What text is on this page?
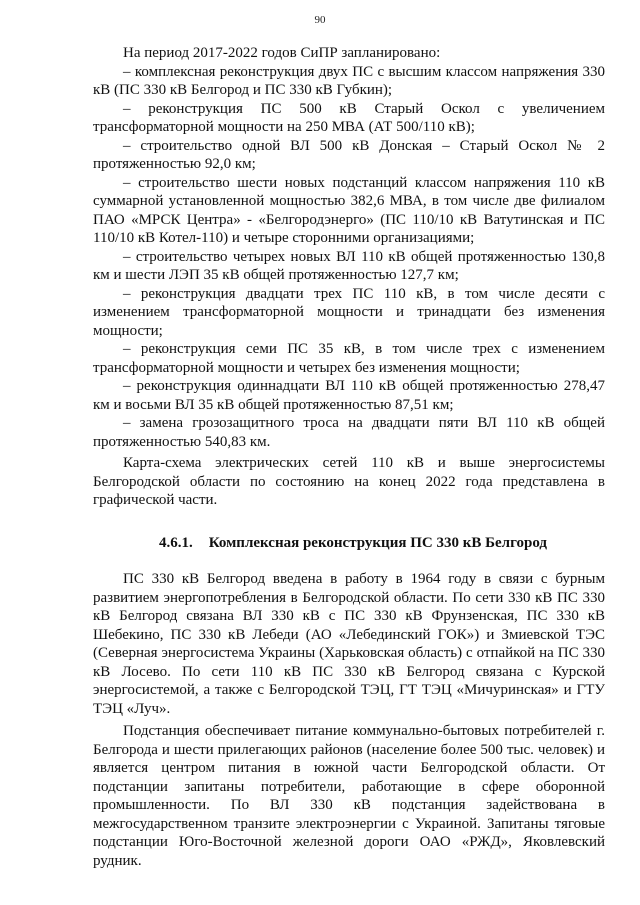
90

На период 2017-2022 годов СиПР запланировано:

– комплексная реконструкция двух ПС с высшим классом напряжения 330 кВ (ПС 330 кВ Белгород и ПС 330 кВ Губкин);

– реконструкция ПС 500 кВ Старый Оскол с увеличением трансформаторной мощности на 250 МВА (АТ 500/110 кВ);

– строительство одной ВЛ 500 кВ Донская – Старый Оскол № 2 протяженностью 92,0 км;

– строительство шести новых подстанций классом напряжения 110 кВ суммарной установленной мощностью 382,6 МВА, в том числе две филиалом ПАО «МРСК Центра» - «Белгородэнерго» (ПС 110/10 кВ Ватутинская и ПС 110/10 кВ Котел-110) и четыре сторонними организациями;

– строительство четырех новых ВЛ 110 кВ общей протяженностью 130,8 км и шести ЛЭП 35 кВ общей протяженностью 127,7 км;

– реконструкция двадцати трех ПС 110 кВ, в том числе десяти с изменением трансформаторной мощности и тринадцати без изменения мощности;

– реконструкция семи ПС 35 кВ, в том числе трех с изменением трансформаторной мощности и четырех без изменения мощности;

– реконструкция одиннадцати ВЛ 110 кВ общей протяженностью 278,47 км и восьми ВЛ 35 кВ общей протяженностью 87,51 км;

– замена грозозащитного троса на двадцати пяти ВЛ 110 кВ общей протяженностью 540,83 км.

Карта-схема электрических сетей 110 кВ и выше энергосистемы Белгородской области по состоянию на конец 2022 года представлена в графической части.

4.6.1. Комплексная реконструкция ПС 330 кВ Белгород

ПС 330 кВ Белгород введена в работу в 1964 году в связи с бурным развитием энергопотребления в Белгородской области. По сети 330 кВ ПС 330 кВ Белгород связана ВЛ 330 кВ с ПС 330 кВ Фрунзенская, ПС 330 кВ Шебекино, ПС 330 кВ Лебеди (АО «Лебединский ГОК») и Змиевской ТЭС (Северная энергосистема Украины (Харьковская область) с отпайкой на ПС 330 кВ Лосево. По сети 110 кВ ПС 330 кВ Белгород связана с Курской энергосистемой, а также с Белгородской ТЭЦ, ГТ ТЭЦ «Мичуринская» и ГТУ ТЭЦ «Луч».

Подстанция обеспечивает питание коммунально-бытовых потребителей г. Белгорода и шести прилегающих районов (население более 500 тыс. человек) и является центром питания в южной части Белгородской области. От подстанции запитаны потребители, работающие в сфере оборонной промышленности. По ВЛ 330 кВ подстанция задействована в межгосударственном транзите электроэнергии с Украиной. Запитаны тяговые подстанции Юго-Восточной железной дороги ОАО «РЖД», Яковлевский рудник.
